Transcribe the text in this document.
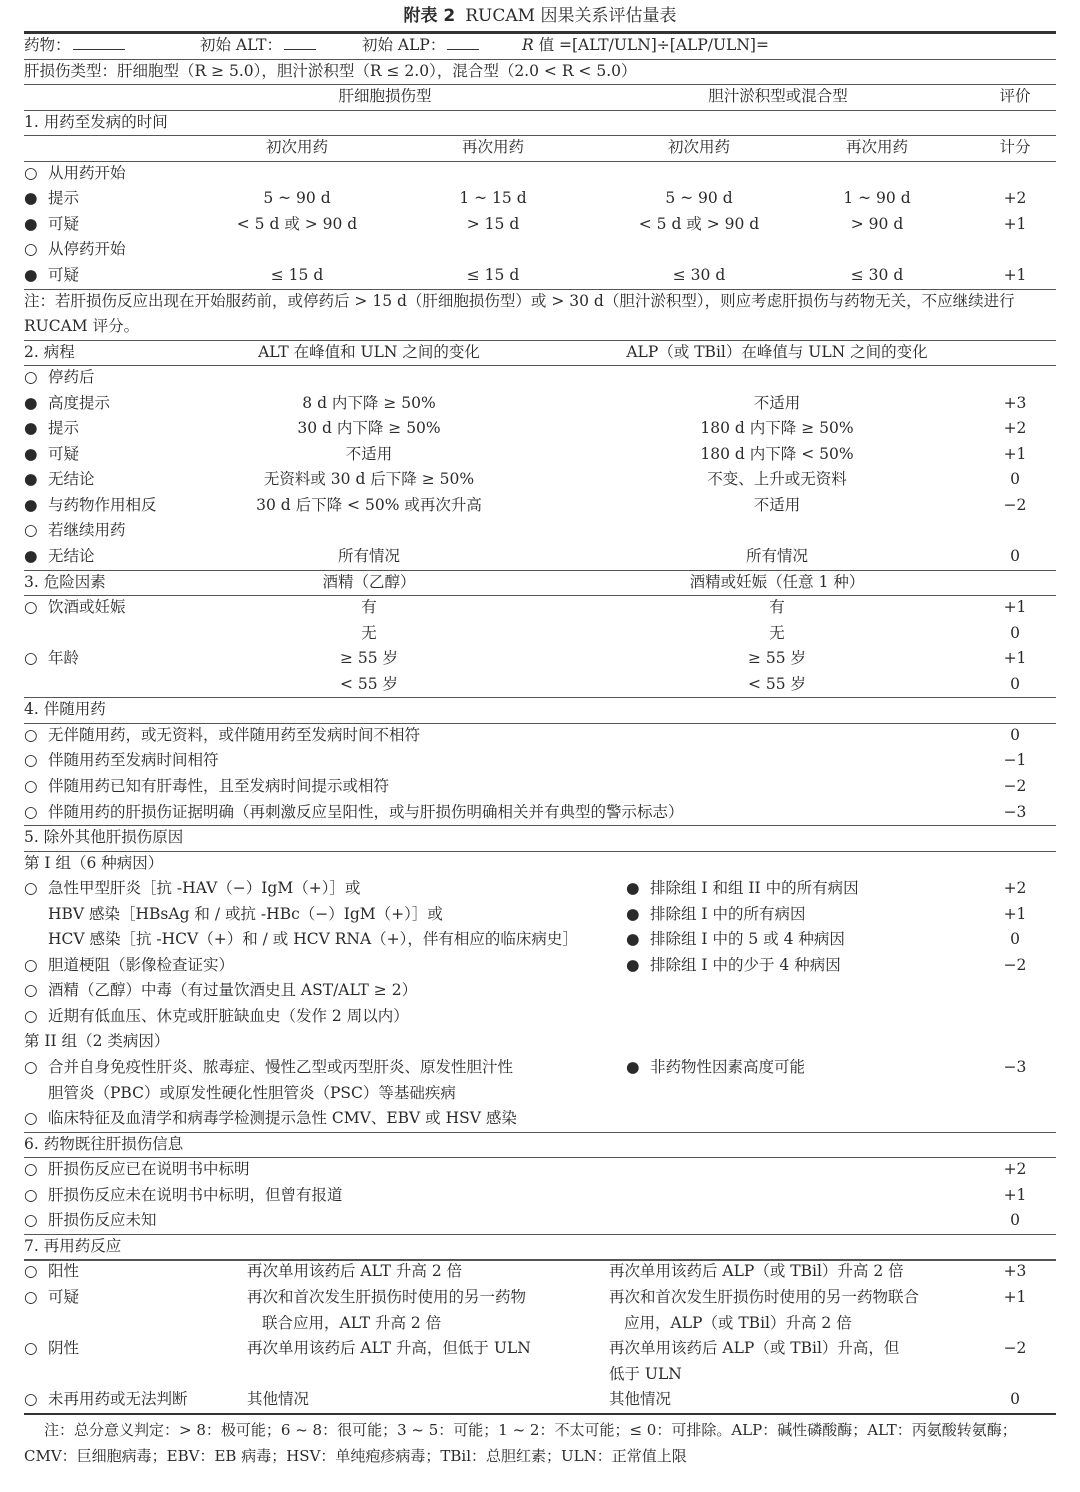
附表 2 RUCAM 因果关系评估量表
药物：	初始 ALT：	初始 ALP：	R 值 =[ALT/ULN]÷[ALP/ULN]=
肝损伤类型：肝细胞型（R ≥ 5.0），胆汁淤积型（R ≤ 2.0），混合型（2.0 < R < 5.0）
肝细胞损伤型	胆汁淤积型或混合型	评价
1. 用药至发病的时间
初次用药	再次用药	初次用药	再次用药	计分
○ 从用药开始
● 提示	5 ~ 90 d	1 ~ 15 d	5 ~ 90 d	1 ~ 90 d	+2
● 可疑	< 5 d 或 > 90 d	> 15 d	< 5 d 或 > 90 d	> 90 d	+1
○ 从停药开始
● 可疑	≤ 15 d	≤ 15 d	≤ 30 d	≤ 30 d	+1
注：若肝损伤反应出现在开始服药前，或停药后 > 15 d（肝细胞损伤型）或 > 30 d（胆汁淤积型），则应考虑肝损伤与药物无关，不应继续进行
RUCAM 评分。
2. 病程	ALT 在峰值和 ULN 之间的变化	ALP（或 TBil）在峰值与 ULN 之间的变化
○ 停药后
● 高度提示	8 d 内下降 ≥ 50%	不适用	+3
● 提示	30 d 内下降 ≥ 50%	180 d 内下降 ≥ 50%	+2
● 可疑	不适用	180 d 内下降 < 50%	+1
● 无结论	无资料或 30 d 后下降 ≥ 50%	不变、上升或无资料	0
● 与药物作用相反	30 d 后下降 < 50% 或再次升高	不适用	−2
○ 若继续用药
● 无结论	所有情况	所有情况	0
3. 危险因素	酒精（乙醇）	酒精或妊娠（任意 1 种）
○ 饮酒或妊娠	有	有	+1
无	无	0
○ 年龄	≥ 55 岁	≥ 55 岁	+1
< 55 岁	< 55 岁	0
4. 伴随用药
○ 无伴随用药，或无资料，或伴随用药至发病时间不相符	0
○ 伴随用药至发病时间相符	−1
○ 伴随用药已知有肝毒性，且至发病时间提示或相符	−2
○ 伴随用药的肝损伤证据明确（再刺激反应呈阳性，或与肝损伤明确相关并有典型的警示标志）	−3
5. 除外其他肝损伤原因
第 I 组（6 种病因）
○ 急性甲型肝炎［抗 -HAV（−）IgM（+）］或	● 排除组 I 和组 II 中的所有病因	+2
HBV 感染［HBsAg 和 / 或抗 -HBc（−）IgM（+）］或	● 排除组 I 中的所有病因	+1
HCV 感染［抗 -HCV（+）和 / 或 HCV RNA（+），伴有相应的临床病史］	● 排除组 I 中的 5 或 4 种病因	0
○ 胆道梗阻（影像检查证实）	● 排除组 I 中的少于 4 种病因	−2
○ 酒精（乙醇）中毒（有过量饮酒史且 AST/ALT ≥ 2）
○ 近期有低血压、休克或肝脏缺血史（发作 2 周以内）
第 II 组（2 类病因）
○ 合并自身免疫性肝炎、脓毒症、慢性乙型或丙型肝炎、原发性胆汁性	● 非药物性因素高度可能	−3
胆管炎（PBC）或原发性硬化性胆管炎（PSC）等基础疾病
○ 临床特征及血清学和病毒学检测提示急性 CMV、EBV 或 HSV 感染
6. 药物既往肝损伤信息
○ 肝损伤反应已在说明书中标明	+2
○ 肝损伤反应未在说明书中标明，但曾有报道	+1
○ 肝损伤反应未知	0
7. 再用药反应
○ 阳性	再次单用该药后 ALT 升高 2 倍	再次单用该药后 ALP（或 TBil）升高 2 倍	+3
○ 可疑	再次和首次发生肝损伤时使用的另一药物	再次和首次发生肝损伤时使用的另一药物联合	+1
联合应用，ALT 升高 2 倍	应用，ALP（或 TBil）升高 2 倍
○ 阴性	再次单用该药后 ALT 升高，但低于 ULN	再次单用该药后 ALP（或 TBil）升高，但	−2
低于 ULN
○ 未再用药或无法判断	其他情况	其他情况	0
注：总分意义判定：> 8：极可能；6 ~ 8：很可能；3 ~ 5：可能；1 ~ 2：不太可能；≤ 0：可排除。ALP：碱性磷酸酶；ALT：丙氨酸转氨酶；
CMV：巨细胞病毒；EBV：EB 病毒；HSV：单纯疱疹病毒；TBil：总胆红素；ULN：正常值上限
